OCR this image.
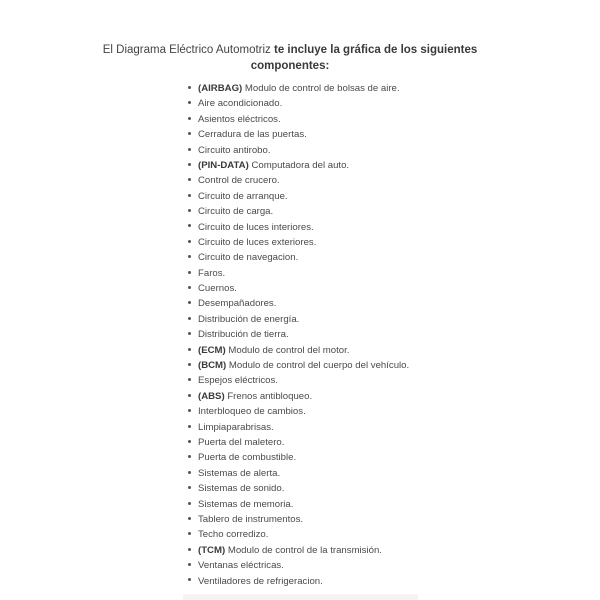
El Diagrama Eléctrico Automotriz te incluye la gráfica de los siguientes componentes:
(AIRBAG) Modulo de control de bolsas de aire.
Aire acondicionado.
Asientos eléctricos.
Cerradura de las puertas.
Circuito antirobo.
(PIN-DATA) Computadora del auto.
Control de crucero.
Circuito de arranque.
Circuito de carga.
Circuito de luces interiores.
Circuito de luces exteriores.
Circuito de navegacion.
Faros.
Cuernos.
Desempañadores.
Distribución de energía.
Distribución de tierra.
(ECM) Modulo de control del motor.
(BCM) Modulo de control del cuerpo del vehículo.
Espejos eléctricos.
(ABS) Frenos antibloqueo.
Interbloqueo de cambios.
Limpiaparabrisas.
Puerta del maletero.
Puerta de combustible.
Sistemas de alerta.
Sistemas de sonido.
Sistemas de memoria.
Tablero de instrumentos.
Techo corredizo.
(TCM) Modulo de control de la transmisión.
Ventanas eléctricas.
Ventiladores de refrigeracion.
